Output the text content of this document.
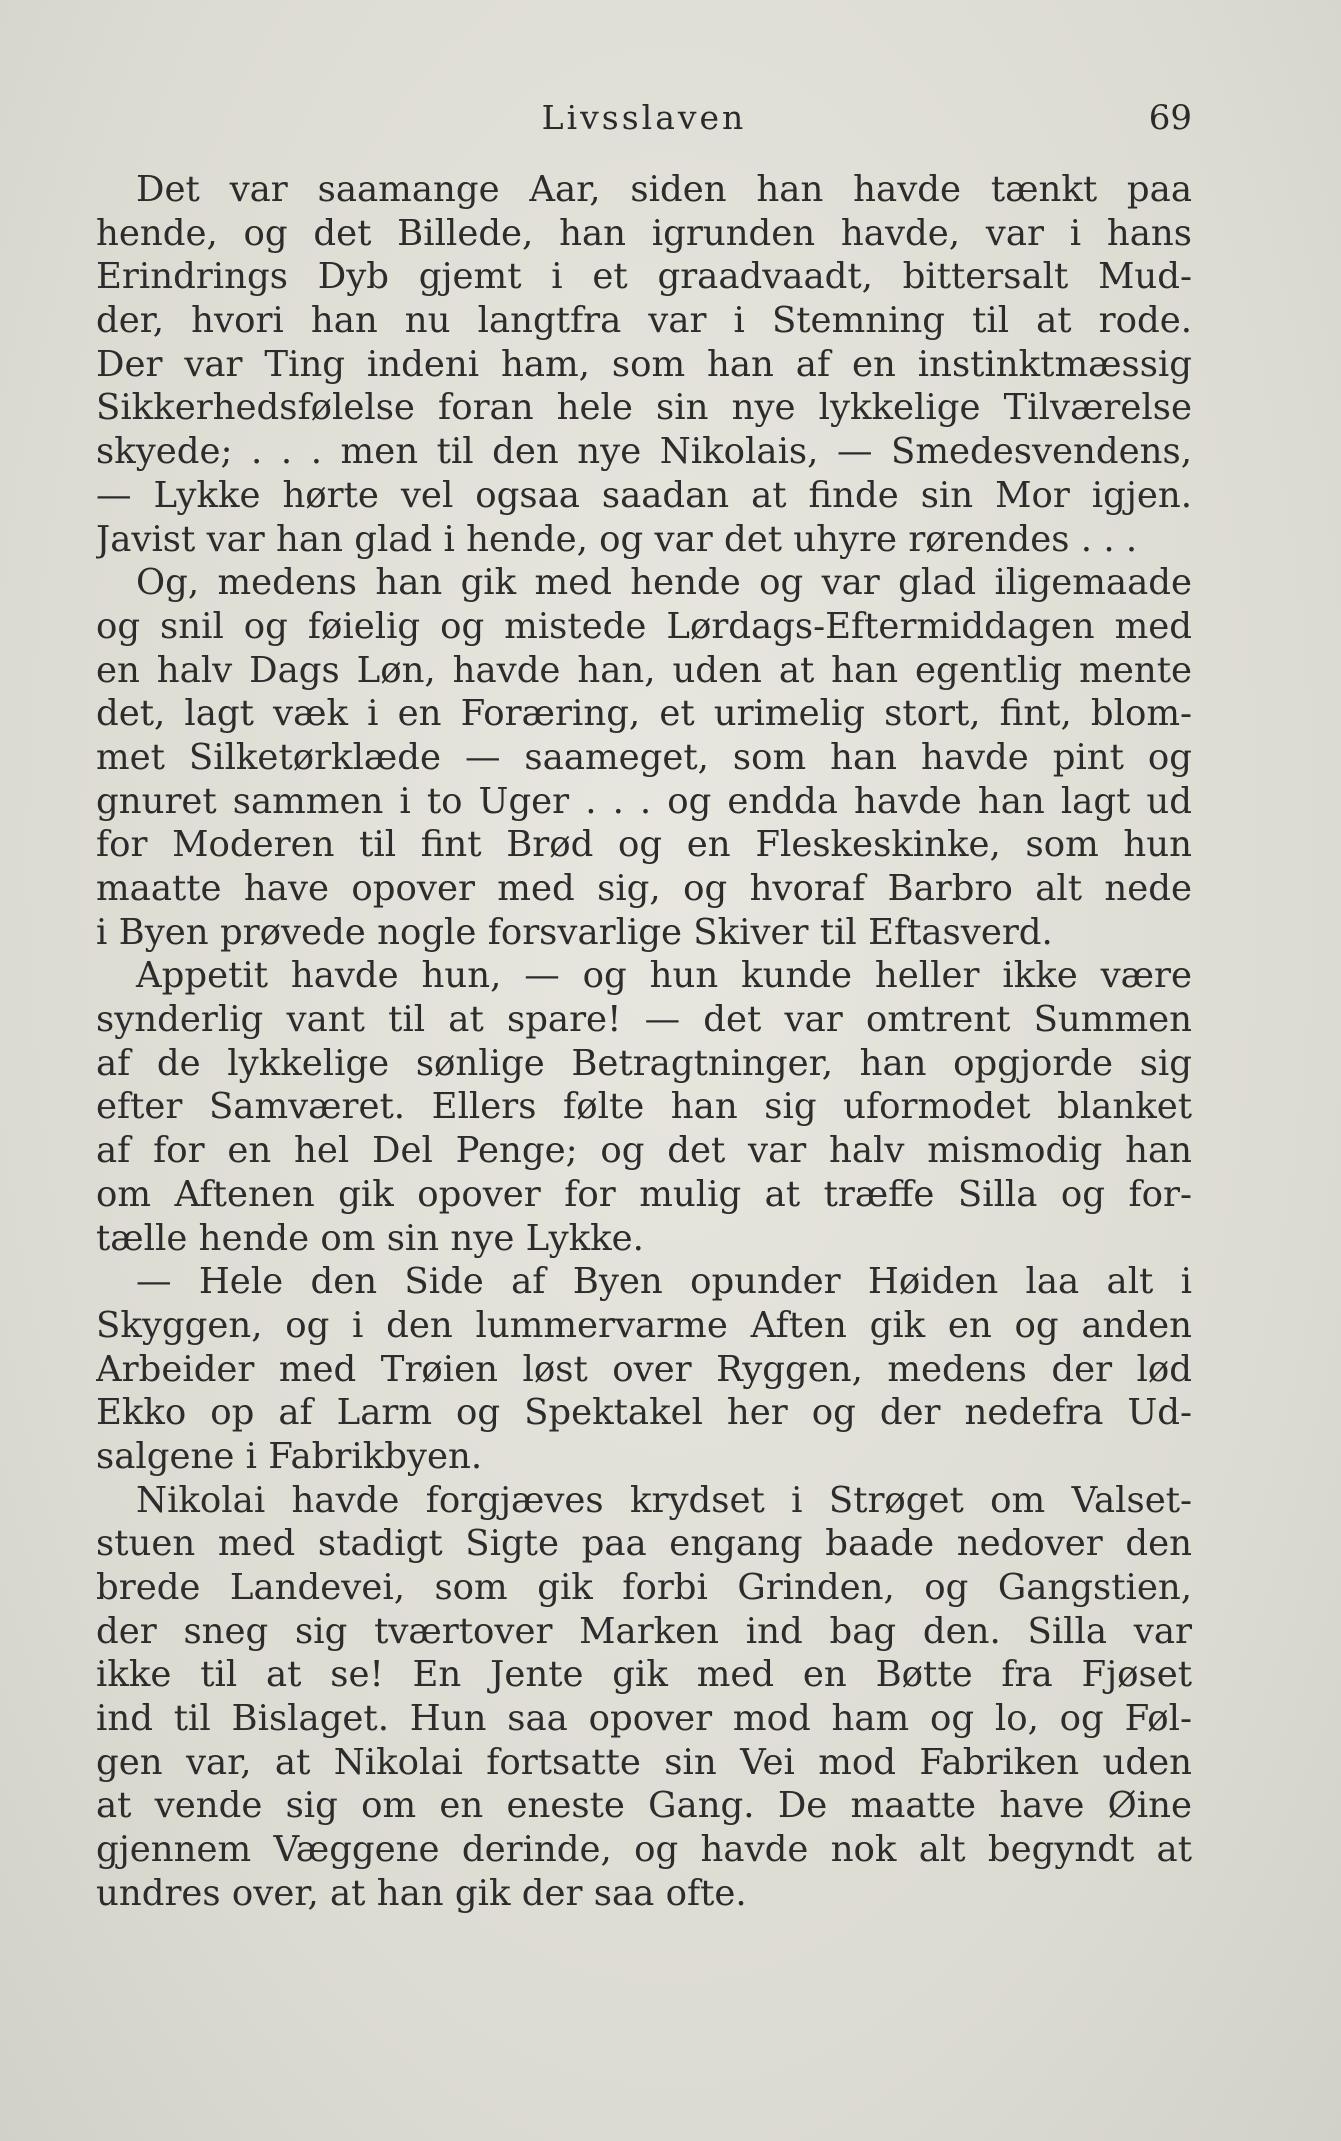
Livsslaven	69
Det var saamange Aar, siden han havde tænkt paa
hende, og det Billede, han igrunden havde, var i hans
Erindrings Dyb gjemt i et graadvaadt, bittersalt Mud-
der, hvori han nu langtfra var i Stemning til at rode.
Der var Ting indeni ham, som han af en instinktmæssig
Sikkerhedsfølelse foran hele sin nye lykkelige Tilværelse
skyede; . . . men til den nye Nikolais, — Smedesvendens,
— Lykke hørte vel ogsaa saadan at finde sin Mor igjen.
Javist var han glad i hende, og var det uhyre rørendes . . .
Og, medens han gik med hende og var glad iligemaade
og snil og føielig og mistede Lørdags-Eftermiddagen med
en halv Dags Løn, havde han, uden at han egentlig mente
det, lagt væk i en Foræring, et urimelig stort, fint, blom-
met Silketørklæde — saameget, som han havde pint og
gnuret sammen i to Uger . . . og endda havde han lagt ud
for Moderen til fint Brød og en Fleskeskinke, som hun
maatte have opover med sig, og hvoraf Barbro alt nede
i Byen prøvede nogle forsvarlige Skiver til Eftasverd.
Appetit havde hun, — og hun kunde heller ikke være
synderlig vant til at spare! — det var omtrent Summen
af de lykkelige sønlige Betragtninger, han opgjorde sig
efter Samværet. Ellers følte han sig uformodet blanket
af for en hel Del Penge; og det var halv mismodig han
om Aftenen gik opover for mulig at træffe Silla og for-
tælle hende om sin nye Lykke.
— Hele den Side af Byen opunder Høiden laa alt i
Skyggen, og i den lummervarme Aften gik en og anden
Arbeider med Trøien løst over Ryggen, medens der lød
Ekko op af Larm og Spektakel her og der nedefra Ud-
salgene i Fabrikbyen.
Nikolai havde forgjæves krydset i Strøget om Valset-
stuen med stadigt Sigte paa engang baade nedover den
brede Landevei, som gik forbi Grinden, og Gangstien,
der sneg sig tværtover Marken ind bag den. Silla var
ikke til at se! En Jente gik med en Bøtte fra Fjøset
ind til Bislaget. Hun saa opover mod ham og lo, og Føl-
gen var, at Nikolai fortsatte sin Vei mod Fabriken uden
at vende sig om en eneste Gang. De maatte have Øine
gjennem Væggene derinde, og havde nok alt begyndt at
undres over, at han gik der saa ofte.
